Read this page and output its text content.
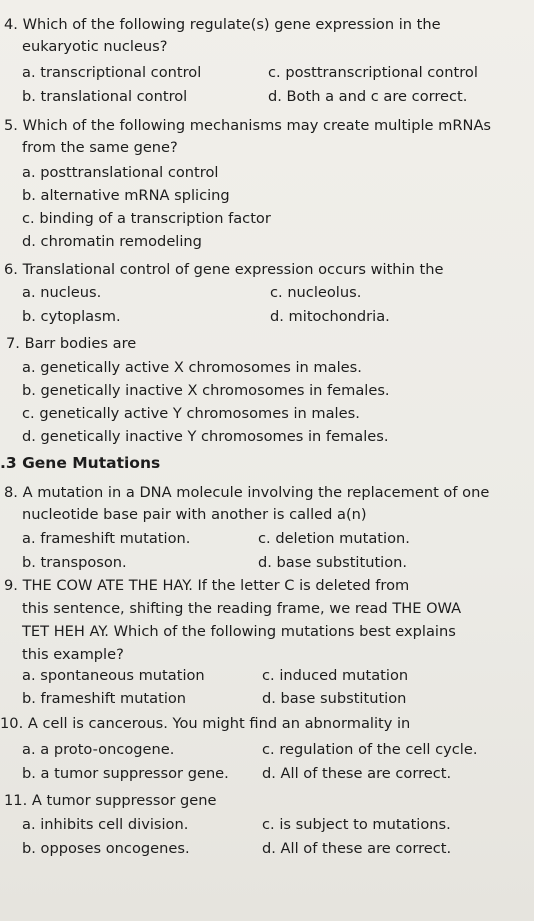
4. Which of the following regulate(s) gene expression in the
eukaryotic nucleus?
a. transcriptional control	c. posttranscriptional control
b. translational control	d. Both a and c are correct.
5. Which of the following mechanisms may create multiple mRNAs
from the same gene?
a. posttranslational control
b. alternative mRNA splicing
c. binding of a transcription factor
d. chromatin remodeling
6. Translational control of gene expression occurs within the
a. nucleus.	c. nucleolus.
b. cytoplasm.	d. mitochondria.
7. Barr bodies are
a. genetically active X chromosomes in males.
b. genetically inactive X chromosomes in females.
c. genetically active Y chromosomes in males.
d. genetically inactive Y chromosomes in females.
.3 Gene Mutations
8. A mutation in a DNA molecule involving the replacement of one
nucleotide base pair with another is called a(n)
a. frameshift mutation.	c. deletion mutation.
b. transposon.	d. base substitution.
9. THE COW ATE THE HAY. If the letter C is deleted from
this sentence, shifting the reading frame, we read THE OWA
TET HEH AY. Which of the following mutations best explains
this example?
a. spontaneous mutation	c. induced mutation
b. frameshift mutation	d. base substitution
10. A cell is cancerous. You might find an abnormality in
a. a proto-oncogene.	c. regulation of the cell cycle.
b. a tumor suppressor gene. d. All of these are correct.
11. A tumor suppressor gene
a. inhibits cell division.	c. is subject to mutations.
b. opposes oncogenes.	d. All of these are correct.
